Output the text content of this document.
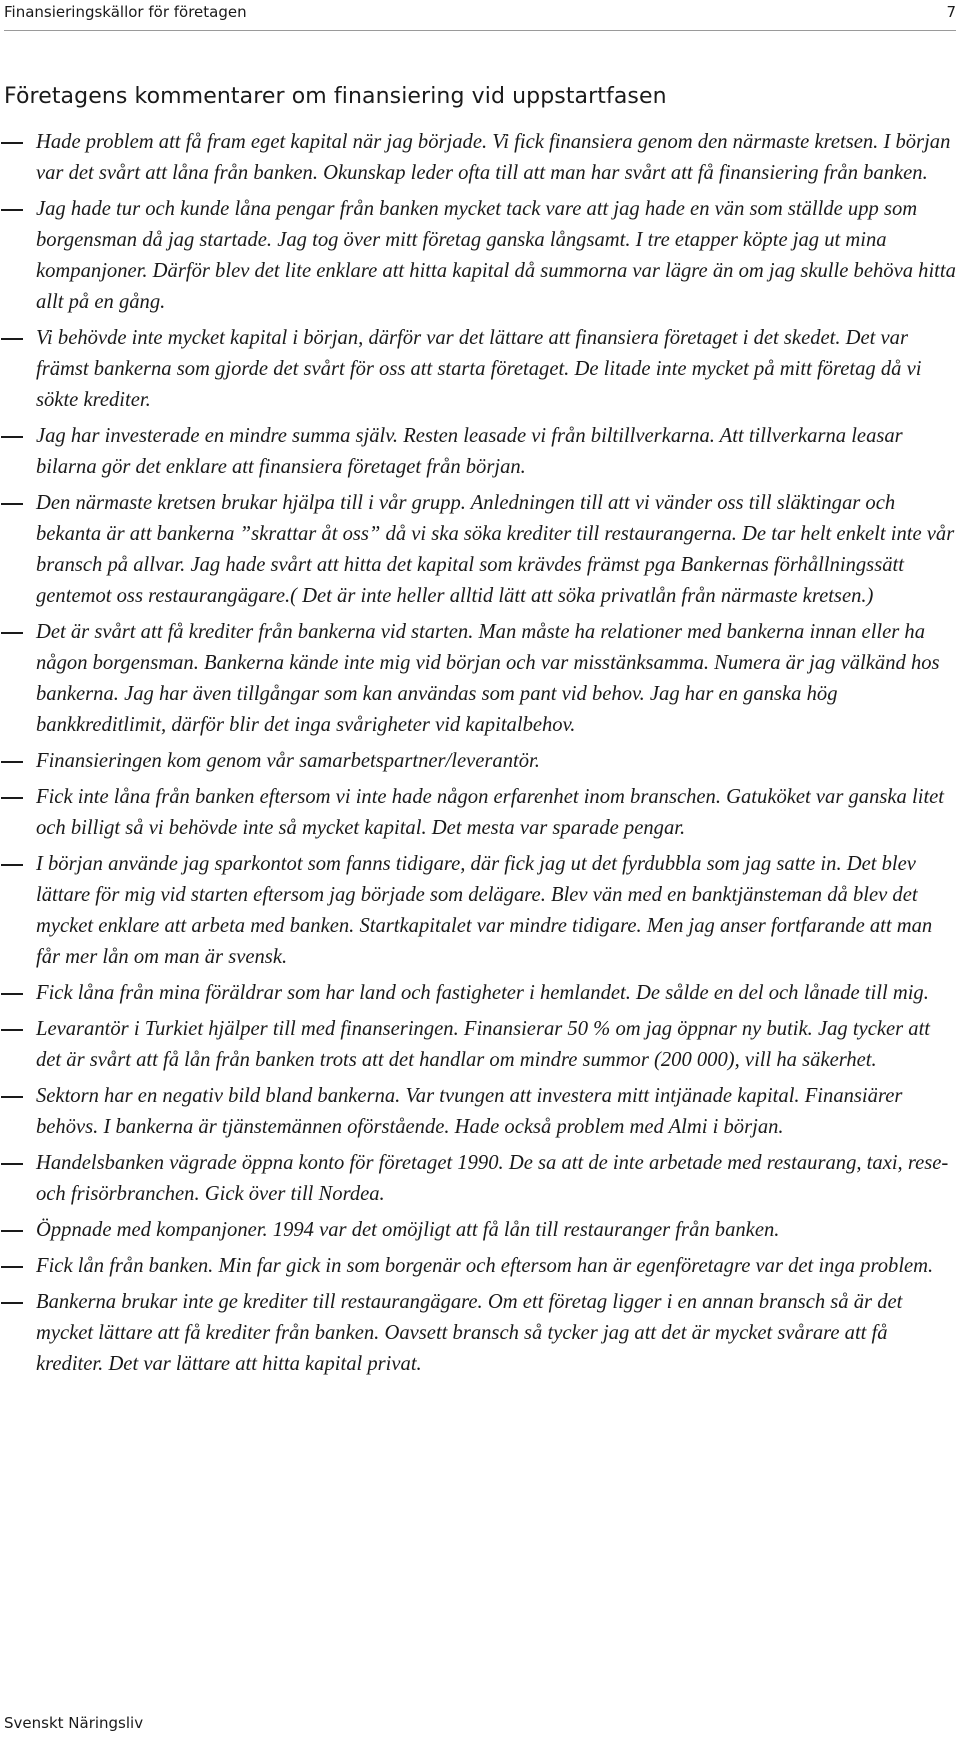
Finansieringskällor för företagen	7
Företagens kommentarer om finansiering vid uppstartfasen
Hade problem att få fram eget kapital när jag började. Vi fick finansiera genom den närmaste kretsen. I början var det svårt att låna från banken. Okunskap leder ofta till att man har svårt att få finansiering från banken.
Jag hade tur och kunde låna pengar från banken mycket tack vare att jag hade en vän som ställde upp som borgensman då jag startade. Jag tog över mitt företag ganska långsamt. I tre etapper köpte jag ut mina kompanjoner. Därför blev det lite enklare att hitta kapital då summorna var lägre än om jag skulle behöva hitta allt på en gång.
Vi behövde inte mycket kapital i början, därför var det lättare att finansiera företaget i det skedet. Det var främst bankerna som gjorde det svårt för oss att starta företaget. De litade inte mycket på mitt företag då vi sökte krediter.
Jag har investerade en mindre summa själv. Resten leasade vi från biltillverkarna. Att tillverkarna leasar bilarna gör det enklare att finansiera företaget från början.
Den närmaste kretsen brukar hjälpa till i vår grupp. Anledningen till att vi vänder oss till släktingar och bekanta är att bankerna ”skrattar åt oss” då vi ska söka krediter till restaurangerna. De tar helt enkelt inte vår bransch på allvar. Jag hade svårt att hitta det kapital som krävdes främst pga Bankernas förhållningssätt gentemot oss restaurangägare.( Det är inte heller alltid lätt att söka privatlån från närmaste kretsen.)
Det är svårt att få krediter från bankerna vid starten. Man måste ha relationer med bankerna innan eller ha någon borgensman. Bankerna kände inte mig vid början och var misstänksamma. Numera är jag välkänd hos bankerna. Jag har även tillgångar som kan användas som pant vid behov. Jag har en ganska hög bankkreditlimit, därför blir det inga svårigheter vid kapitalbehov.
Finansieringen kom genom vår samarbetspartner/leverantör.
Fick inte låna från banken eftersom vi inte hade någon erfarenhet inom branschen. Gatuköket var ganska litet och billigt så vi behövde inte så mycket kapital. Det mesta var sparade pengar.
I början använde jag sparkontot som fanns tidigare, där fick jag ut det fyrdubbla som jag satte in. Det blev lättare för mig vid starten eftersom jag började som delägare. Blev vän med en banktjänsteman då blev det mycket enklare att arbeta med banken. Startkapitalet var mindre tidigare. Men jag anser fortfarande att man får mer lån om man är svensk.
Fick låna från mina föräldrar som har land och fastigheter i hemlandet. De sålde en del och lånade till mig.
Levarantör i Turkiet hjälper till med finanseringen. Finansierar 50 % om jag öppnar ny butik. Jag tycker att det är svårt att få lån från banken trots att det handlar om mindre summor (200 000), vill ha säkerhet.
Sektorn har en negativ bild bland bankerna. Var tvungen att investera mitt intjänade kapital. Finansiärer behövs. I bankerna är tjänstemännen oförstående. Hade också problem med Almi i början.
Handelsbanken vägrade öppna konto för företaget 1990. De sa att de inte arbetade med restaurang, taxi, rese- och frisörbranchen. Gick över till Nordea.
Öppnade med kompanjoner. 1994 var det omöjligt att få lån till restauranger från banken.
Fick lån från banken. Min far gick in som borgenär och eftersom han är egenföretagre var det inga problem.
Bankerna brukar inte ge krediter till restaurangägare. Om ett företag ligger i en annan bransch så är det mycket lättare att få krediter från banken. Oavsett bransch så tycker jag att det är mycket svårare att få krediter. Det var lättare att hitta kapital privat.
Svenskt Näringsliv
